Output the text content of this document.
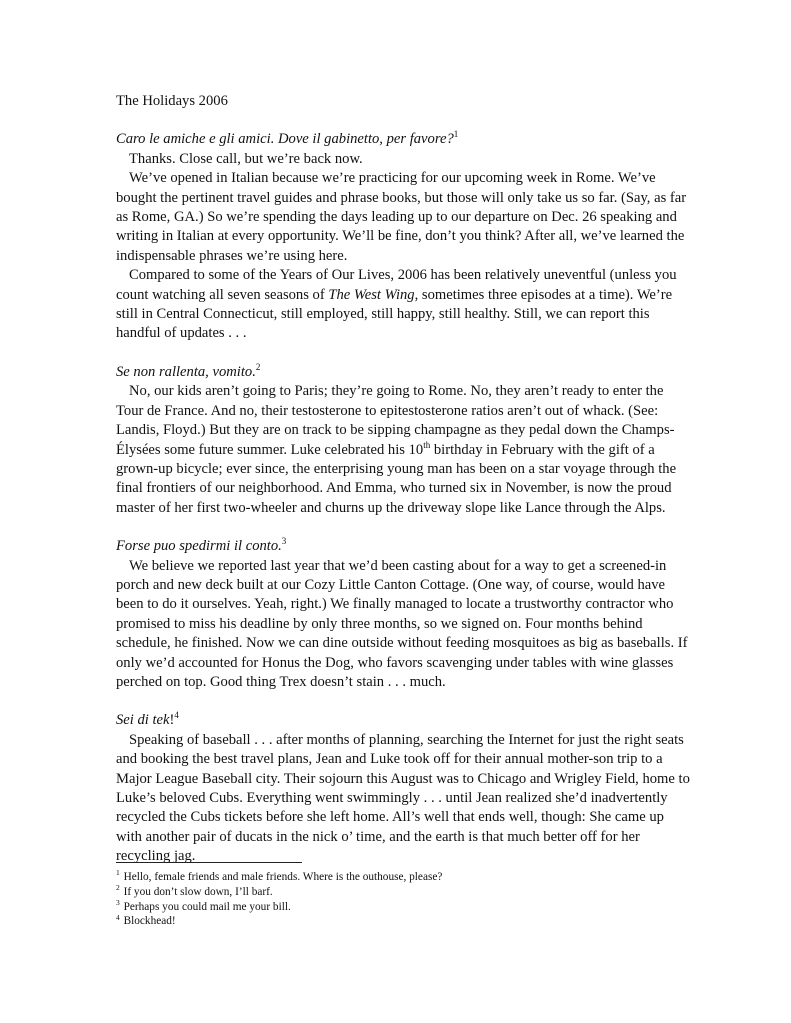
The Holidays 2006

Caro le amiche e gli amici. Dove il gabinetto, per favore?$^1$

Thanks. Close call, but we’re back now.

We’ve opened in Italian because we’re practicing for our upcoming week in Rome. We’ve bought the pertinent travel guides and phrase books, but those will only take us so far. (Say, as far as Rome, GA.) So we’re spending the days leading up to our departure on Dec. 26 speaking and writing in Italian at every opportunity. We’ll be fine, don’t you think? After all, we’ve learned the indispensable phrases we’re using here.

Compared to some of the Years of Our Lives, 2006 has been relatively uneventful (unless you count watching all seven seasons of The West Wing, sometimes three episodes at a time). We’re still in Central Connecticut, still employed, still happy, still healthy. Still, we can report this handful of updates . . .

Se non rallenta, vomito.$^2$

No, our kids aren’t going to Paris; they’re going to Rome. No, they aren’t ready to enter the Tour de France. And no, their testosterone to epitestosterone ratios aren’t out of whack. (See: Landis, Floyd.) But they are on track to be sipping champagne as they pedal down the Champs-Élysées some future summer. Luke celebrated his 10th birthday in February with the gift of a grown-up bicycle; ever since, the enterprising young man has been on a star voyage through the final frontiers of our neighborhood. And Emma, who turned six in November, is now the proud master of her first two-wheeler and churns up the driveway slope like Lance through the Alps.

Forse puo spedirmi il conto.$^3$

We believe we reported last year that we’d been casting about for a way to get a screened-in porch and new deck built at our Cozy Little Canton Cottage. (One way, of course, would have been to do it ourselves. Yeah, right.) We finally managed to locate a trustworthy contractor who promised to miss his deadline by only three months, so we signed on. Four months behind schedule, he finished. Now we can dine outside without feeding mosquitoes as big as baseballs. If only we’d accounted for Honus the Dog, who favors scavenging under tables with wine glasses perched on top. Good thing Trex doesn’t stain . . . much.

Sei di tek!$^4$

Speaking of baseball . . . after months of planning, searching the Internet for just the right seats and booking the best travel plans, Jean and Luke took off for their annual mother-son trip to a Major League Baseball city. Their sojourn this August was to Chicago and Wrigley Field, home to Luke’s beloved Cubs. Everything went swimmingly . . . until Jean realized she’d inadvertently recycled the Cubs tickets before she left home. All’s well that ends well, though: She came up with another pair of ducats in the nick o’ time, and the earth is that much better off for her recycling jag.

$^1$ Hello, female friends and male friends. Where is the outhouse, please?

$^2$ If you don’t slow down, I’ll barf.

$^3$ Perhaps you could mail me your bill.

$^4$ Blockhead!
